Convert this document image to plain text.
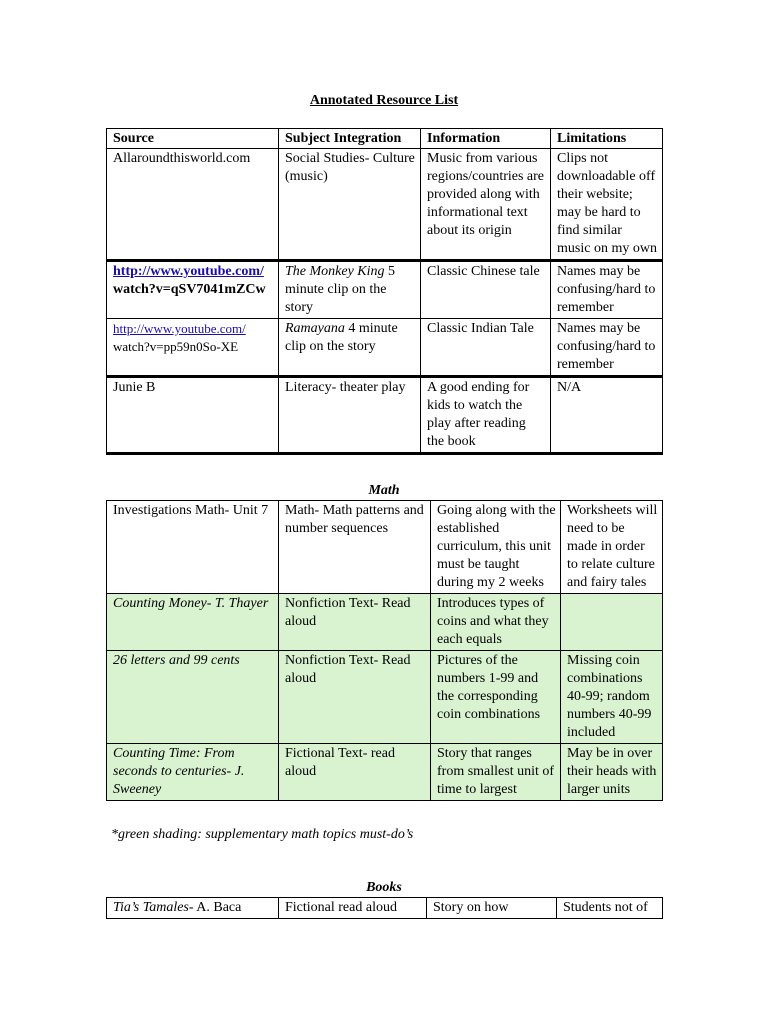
Annotated Resource List
Source	Subject Integration	Information	Limitations
Allaroundthisworld.com	Social Studies- Culture (music)	Music from various regions/countries are provided along with informational text about its origin	Clips not downloadable off their website; may be hard to find similar music on my own
http://www.youtube.com/
watch?v=qSV7041mZCw	The Monkey King 5 minute clip on the story	Classic Chinese tale	Names may be confusing/hard to remember
http://www.youtube.com/
watch?v=pp59n0So-XE	Ramayana 4 minute clip on the story	Classic Indian Tale	Names may be confusing/hard to remember
Junie B	Literacy- theater play	A good ending for kids to watch the play after reading the book	N/A
Math
Investigations Math- Unit 7	Math- Math patterns and number sequences	Going along with the established curriculum, this unit must be taught during my 2 weeks	Worksheets will need to be made in order to relate culture and fairy tales
Counting Money- T. Thayer	Nonfiction Text- Read aloud	Introduces types of coins and what they each equals	
26 letters and 99 cents	Nonfiction Text- Read aloud	Pictures of the numbers 1-99 and the corresponding coin combinations	Missing coin combinations 40-99; random numbers 40-99 included
Counting Time: From seconds to centuries- J. Sweeney	Fictional Text- read aloud	Story that ranges from smallest unit of time to largest	May be in over their heads with larger units
*green shading: supplementary math topics must-do’s
Books
Tia’s Tamales- A. Baca	Fictional read aloud	Story on how	Students not of
